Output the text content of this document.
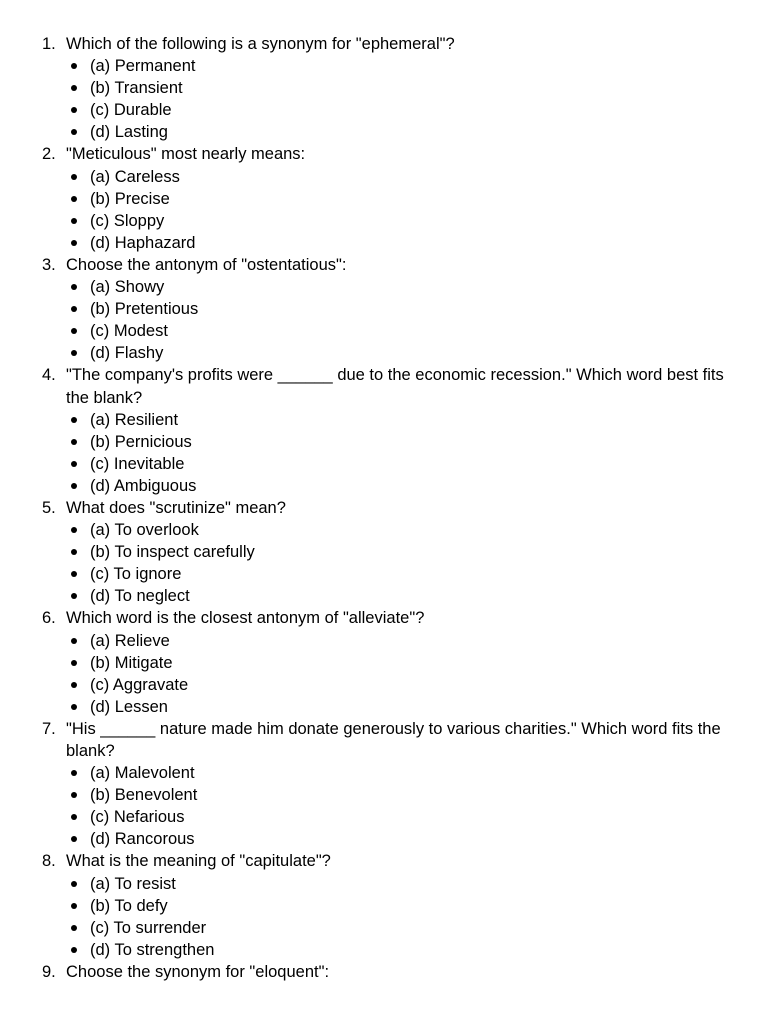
1. Which of the following is a synonym for "ephemeral"?
(a) Permanent
(b) Transient
(c) Durable
(d) Lasting
2. "Meticulous" most nearly means:
(a) Careless
(b) Precise
(c) Sloppy
(d) Haphazard
3. Choose the antonym of "ostentatious":
(a) Showy
(b) Pretentious
(c) Modest
(d) Flashy
4. "The company's profits were ______ due to the economic recession." Which word best fits the blank?
(a) Resilient
(b) Pernicious
(c) Inevitable
(d) Ambiguous
5. What does "scrutinize" mean?
(a) To overlook
(b) To inspect carefully
(c) To ignore
(d) To neglect
6. Which word is the closest antonym of "alleviate"?
(a) Relieve
(b) Mitigate
(c) Aggravate
(d) Lessen
7. "His ______ nature made him donate generously to various charities." Which word fits the blank?
(a) Malevolent
(b) Benevolent
(c) Nefarious
(d) Rancorous
8. What is the meaning of "capitulate"?
(a) To resist
(b) To defy
(c) To surrender
(d) To strengthen
9. Choose the synonym for "eloquent":
